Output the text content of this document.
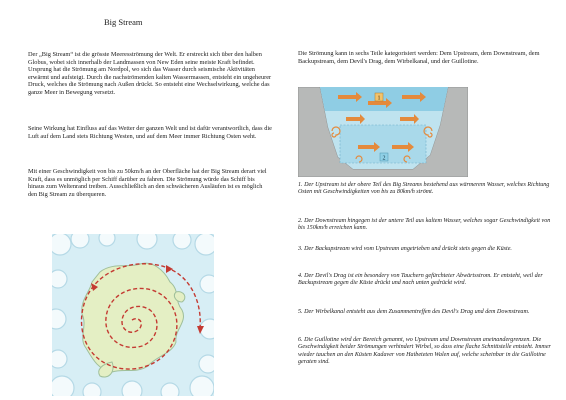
Big Stream

Der „Big Stream“ ist die grösste Meeresströmung der Welt. Er erstreckt sich über den halben Globus, wobei sich innerhalb der Landmassen von New Eden seine meiste Kraft befindet. Ursprung hat die Strömung am Nordpol, wo sich das Wasser durch seismische Aktivitäten erwärmt und aufsteigt. Durch die nachströmenden kalten Wassermassen, entsteht ein ungeheurer Druck, welches die Strömung nach Außen drückt. So entsteht eine Wechselwirkung, welche das ganze Meer in Bewegung versetzt.

Seine Wirkung hat Einfluss auf das Wetter der ganzen Welt und ist dafür verantwortlich, dass die Luft auf dem Land stets Richtung Westen, und auf dem Meer immer Richtung Osten weht.

Mit einer Geschwindigkeit von bis zu 50km/h an der Oberfläche hat der Big Stream derart viel Kraft, dass es unmöglich per Schiff darüber zu fahren. Die Strömung würde das Schiff bis hinaus zum Weltenrand treiben. Ausschließlich an den schwächeren Ausläufen ist es möglich den Big Stream zu überqueren.

Die Strömung kann in sechs Teile kategorisiert werden: Dem Upstream, dem Downstream, dem Backupstream, dem Devil's Drag, dem Wirbelkanal, und der Guillotine.

1
2

1. Der Upstream ist der obere Teil des Big Streams bestehend aus wärmerem Wasser, welches Richtung Osten mit Geschwindigkeiten von bis zu 80km/h strömt.

2. Der Downstream hingegen ist der untere Teil aus kaltem Wasser, welches sogar Geschwindigkeit von bis 150km/h erreichen kann.

3. Der Backupstream wird vom Upstream angetrieben und drückt stets gegen die Küste.

4. Der Devil's Drag ist ein besondery von Tauchern gefürchteter Abwärtsstrom. Er entsteht, weil der Backupstream gegen die Küste drückt und nach unten gedrückt wird.

5. Der Wirbelkanal entsteht aus dem Zusammentreffen des Devil's Drag und dem Downstream.

6. Die Guillotine wird der Bereich genannt, wo Upstream und Downstream aneinandergrenzen. Die Geschwindigkeit beider Strömungen verhindert Wirbel, so dass eine flache Schnittstelle entsteht. Immer wieder tauchen an den Küsten Kadaver von Haibeteten Walen auf, welche scheinbar in die Guillotine geraten sind.
